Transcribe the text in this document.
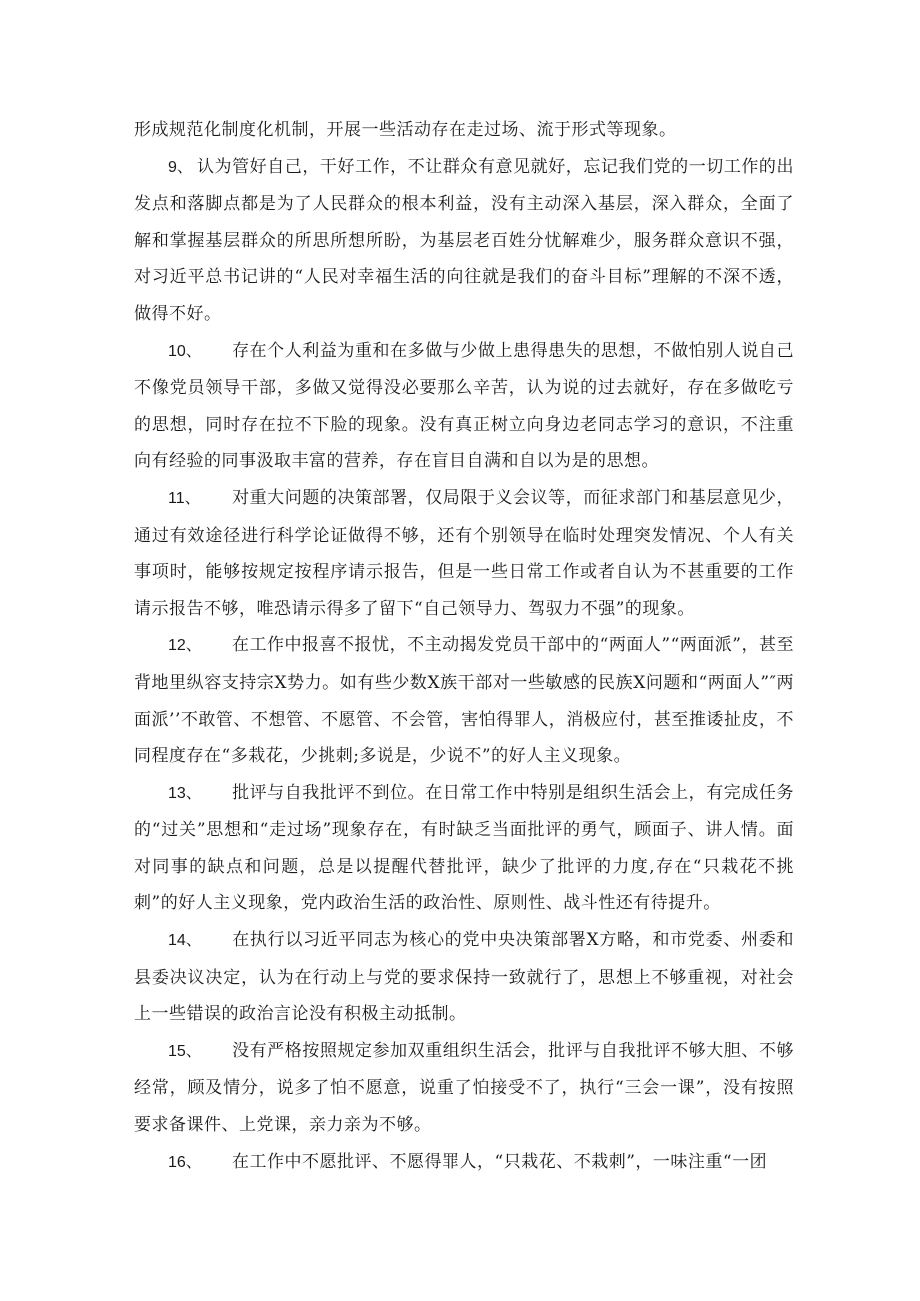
形成规范化制度化机制，开展一些活动存在走过场、流于形式等现象。

9、 认为管好自己，干好工作，不让群众有意见就好，忘记我们党的一切工作的出发点和落脚点都是为了人民群众的根本利益，没有主动深入基层，深入群众，全面了解和掌握基层群众的所思所想所盼，为基层老百姓分忧解难少，服务群众意识不强，对习近平总书记讲的“人民对幸福生活的向往就是我们的奋斗目标”理解的不深不透，做得不好。

10、 存在个人利益为重和在多做与少做上患得患失的思想，不做怕别人说自己不像党员领导干部，多做又觉得没必要那么辛苦，认为说的过去就好，存在多做吃亏的思想，同时存在拉不下脸的现象。没有真正树立向身边老同志学习的意识，不注重向有经验的同事汲取丰富的营养，存在盲目自满和自以为是的思想。

11、 对重大问题的决策部署，仅局限于义会议等，而征求部门和基层意见少，通过有效途径进行科学论证做得不够，还有个别领导在临时处理突发情况、个人有关事项时，能够按规定按程序请示报告，但是一些日常工作或者自认为不甚重要的工作请示报告不够，唯恐请示得多了留下“自己领导力、驾驭力不强”的现象。

12、 在工作中报喜不报忧，不主动揭发党员干部中的“两面人”“两面派”，甚至背地里纵容支持宗X势力。如有些少数X族干部对一些敏感的民族X问题和“两面人”″两面派’’不敢管、不想管、不愿管、不会管，害怕得罪人，消极应付，甚至推诿扯皮，不同程度存在“多栽花，少挑刺;多说是，少说不”的好人主义现象。

13、 批评与自我批评不到位。在日常工作中特别是组织生活会上，有完成任务的“过关”思想和“走过场”现象存在，有时缺乏当面批评的勇气，顾面子、讲人情。面对同事的缺点和问题，总是以提醒代替批评，缺少了批评的力度,存在“只栽花不挑刺”的好人主义现象，党内政治生活的政治性、原则性、战斗性还有待提升。

14、 在执行以习近平同志为核心的党中央决策部署X方略，和市党委、州委和县委决议决定，认为在行动上与党的要求保持一致就行了，思想上不够重视，对社会上一些错误的政治言论没有积极主动抵制。

15、 没有严格按照规定参加双重组织生活会，批评与自我批评不够大胆、不够经常，顾及情分，说多了怕不愿意，说重了怕接受不了，执行“三会一课”，没有按照要求备课件、上党课，亲力亲为不够。

16、 在工作中不愿批评、不愿得罪人，“只栽花、不栽刺”，一味注重“一团
